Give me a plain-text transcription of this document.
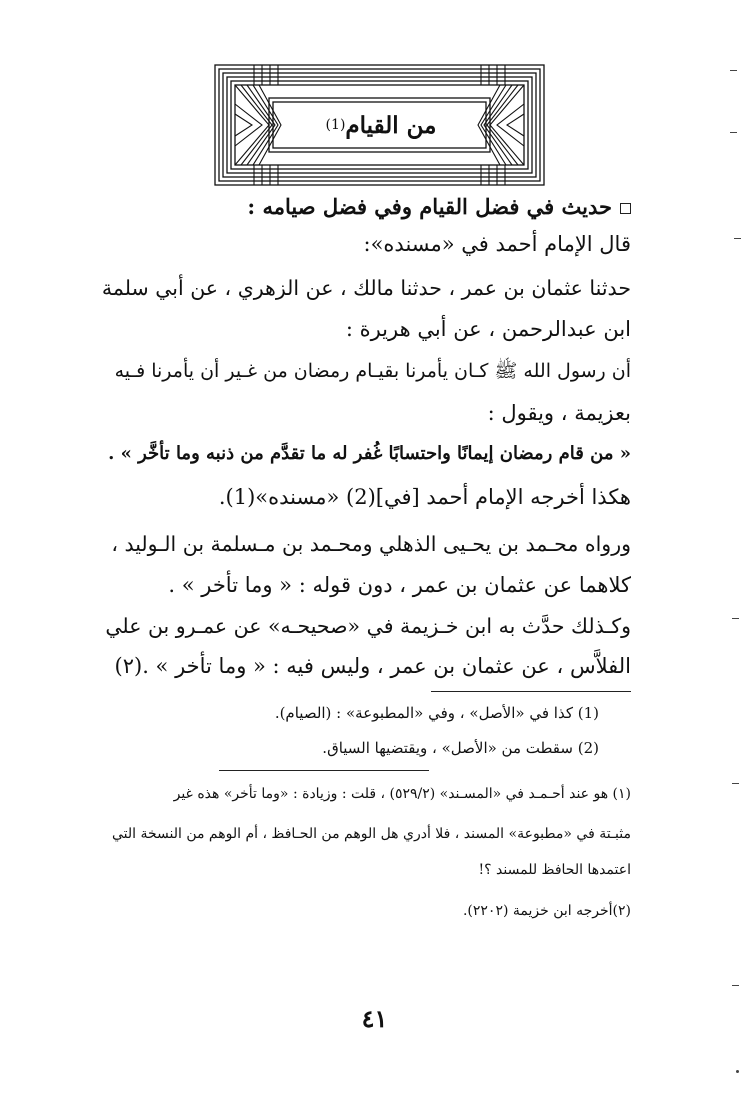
من القيام
(1)
حديث في فضل القيام وفي فضل صيامه :
قال الإمام أحمد في «مسنده»:
حدثنا عثمان بن عمر ، حدثنا مالك ، عن الزهري ، عن أبي سلمة
ابن عبدالرحمن ، عن أبي هريرة :
أن رسول الله ﷺ كـان يأمرنا بقيـام رمضان من غـير أن يأمرنا فـيه
بعزيمة ، ويقول :
« من قام رمضان إيمانًا واحتسابًا غُفر له ما تقدَّم من ذنبه وما تأخَّر » .
هكذا أخرجه الإمام أحمد [في](2) «مسنده»(1).
ورواه محـمد بن يحـيى الذهلي ومحـمد بن مـسلمة بن الـوليد ،
كلاهما عن عثمان بن عمر ، دون قوله : « وما تأخر » .
وكـذلك حدَّث به ابن خـزيمة في «صحيحـه» عن عمـرو بن علي
الفلاَّس ، عن عثمان بن عمر ، وليس فيه : « وما تأخر » .(٢)
(1) كذا في «الأصل» ، وفي «المطبوعة» : (الصيام).
(2) سقطت من «الأصل» ، ويقتضيها السياق.
(١) هو عند أحـمـد في «المسـند» (٥٢٩/٢) ، قلت : وزيادة : «وما تأخر» هذه غير
مثبـتة في «مطبوعة» المسند ، فلا أدري هل الوهم من الحـافظ ، أم الوهم من النسخة التي
اعتمدها الحافظ للمسند ؟!
(٢)أخرجه ابن خزيمة (٢٢٠٢).
٤١
